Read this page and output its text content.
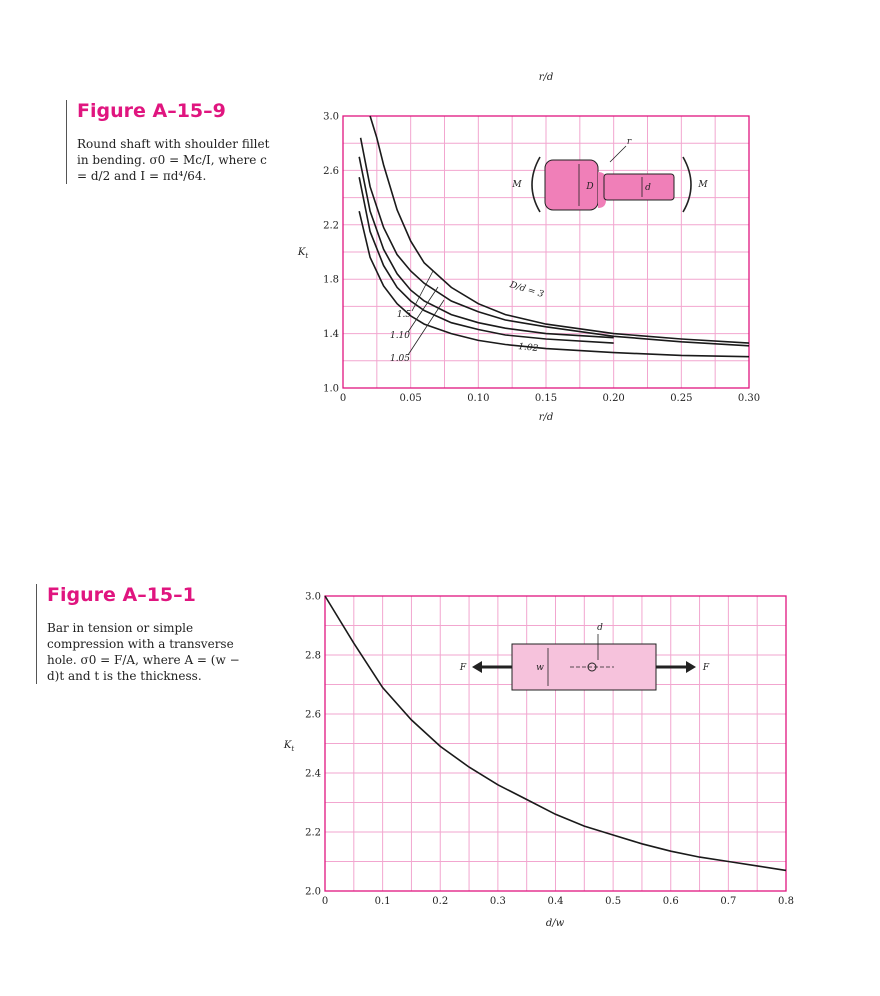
Figure A–15–9
Round shaft with shoulder fillet in bending. σ0 = Mc/I, where c = d/2 and I = πd⁴/64.
Figure A–15–1
Bar in tension or simple compression with a transverse hole. σ0 = F/A, where A = (w − d)t and t is the thickness.
0	0.05	0.10	0.15	0.20	0.25	0.30
1.0
1.4
1.8
2.2
2.6
3.0
r/d
r/d
$K_t$
D/d = 3
1.02
1.5
1.10
1.05
D	d
r
M	M
0	0.1	0.2	0.3	0.4	0.5	0.6	0.7	0.8
2.0
2.2
2.4
2.6
2.8
3.0
d/w
$K_t$
F	F
w
d
